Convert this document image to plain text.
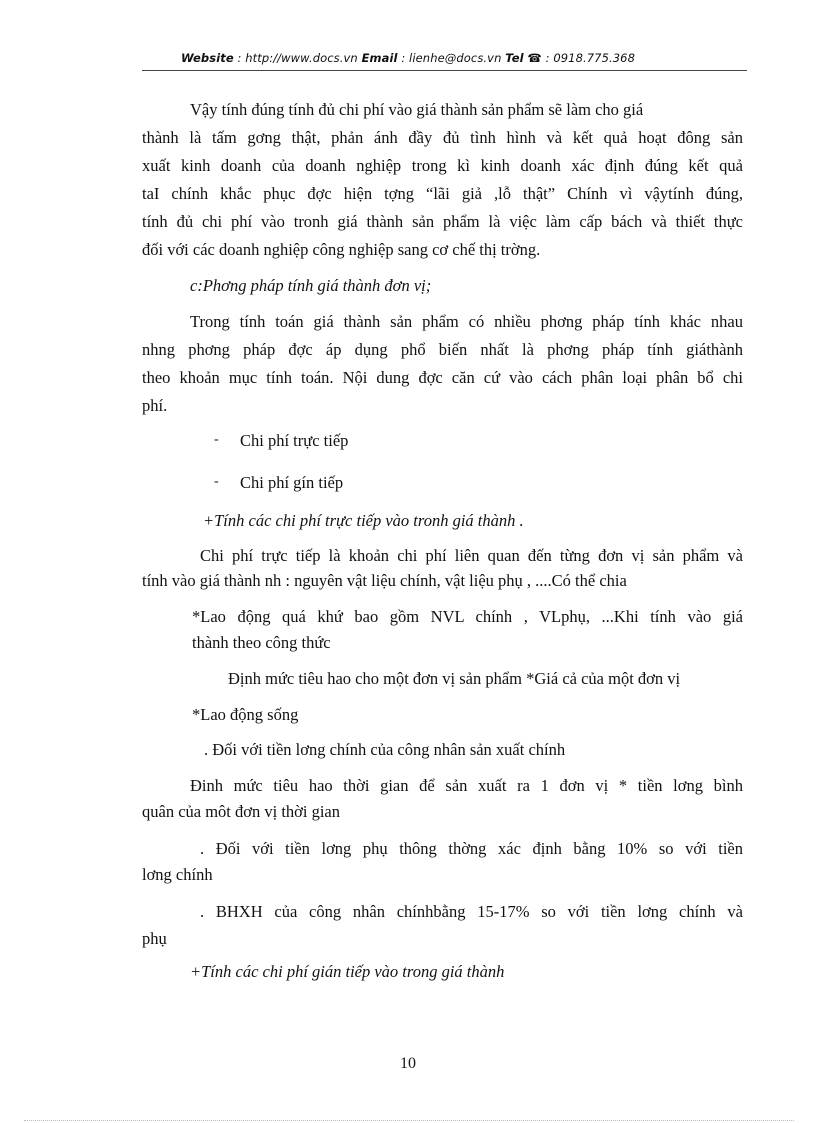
Website : http://www.docs.vn Email : lienhe@docs.vn Tel ☎ : 0918.775.368
Vậy tính đúng tính đủ chi phí vào giá thành sản phẩm sẽ làm cho giá
thành là tấm gơng thật, phản ánh đầy đủ tình hình và kết quả hoạt đông sản
xuất kinh doanh của doanh nghiệp trong kì kinh doanh xác định đúng kết quả
taI chính khắc phục đợc hiện tợng “lãi giả ,lỗ thật” Chính vì vậytính đúng,
tính đủ chi phí vào tronh giá thành sản phẩm là việc làm cấp bách và thiết thực
đối với các doanh nghiệp công nghiệp sang cơ chế thị trờng.
c:Phơng pháp tính giá thành đơn vị;
Trong tính toán giá thành sản phẩm có nhiều phơng pháp tính khác nhau
nhng phơng pháp đợc áp dụng phổ biến nhất là phơng pháp tính giáthành
theo khoản mục tính toán. Nội dung đợc căn cứ vào cách phân loại phân bổ chi
phí.
- Chi phí trực tiếp
- Chi phí gín tiếp
+Tính các chi phí trực tiếp vào tronh giá thành .
Chi phí trực tiếp là khoản chi phí liên quan đến từng đơn vị sản phẩm và
tính vào giá thành nh : nguyên vật liệu chính, vật liệu phụ , ....Có thể chia
*Lao động quá khứ bao gồm NVL chính , VLphụ, ...Khi tính vào giá
thành theo công thức
Định mức tiêu hao cho một đơn vị sản phẩm *Giá cả của một đơn vị
*Lao động sống
. Đối với tiền lơng chính của công nhân sản xuất chính
Đinh mức tiêu hao thời gian để sản xuất ra 1 đơn vị * tiền lơng bình
quân của môt đơn vị thời gian
. Đối với tiền lơng phụ thông thờng xác định bằng 10% so với tiền
lơng chính
. BHXH của công nhân chínhbằng 15-17% so với tiền lơng chính và
phụ
+Tính các chi phí gián tiếp vào trong giá thành
10
